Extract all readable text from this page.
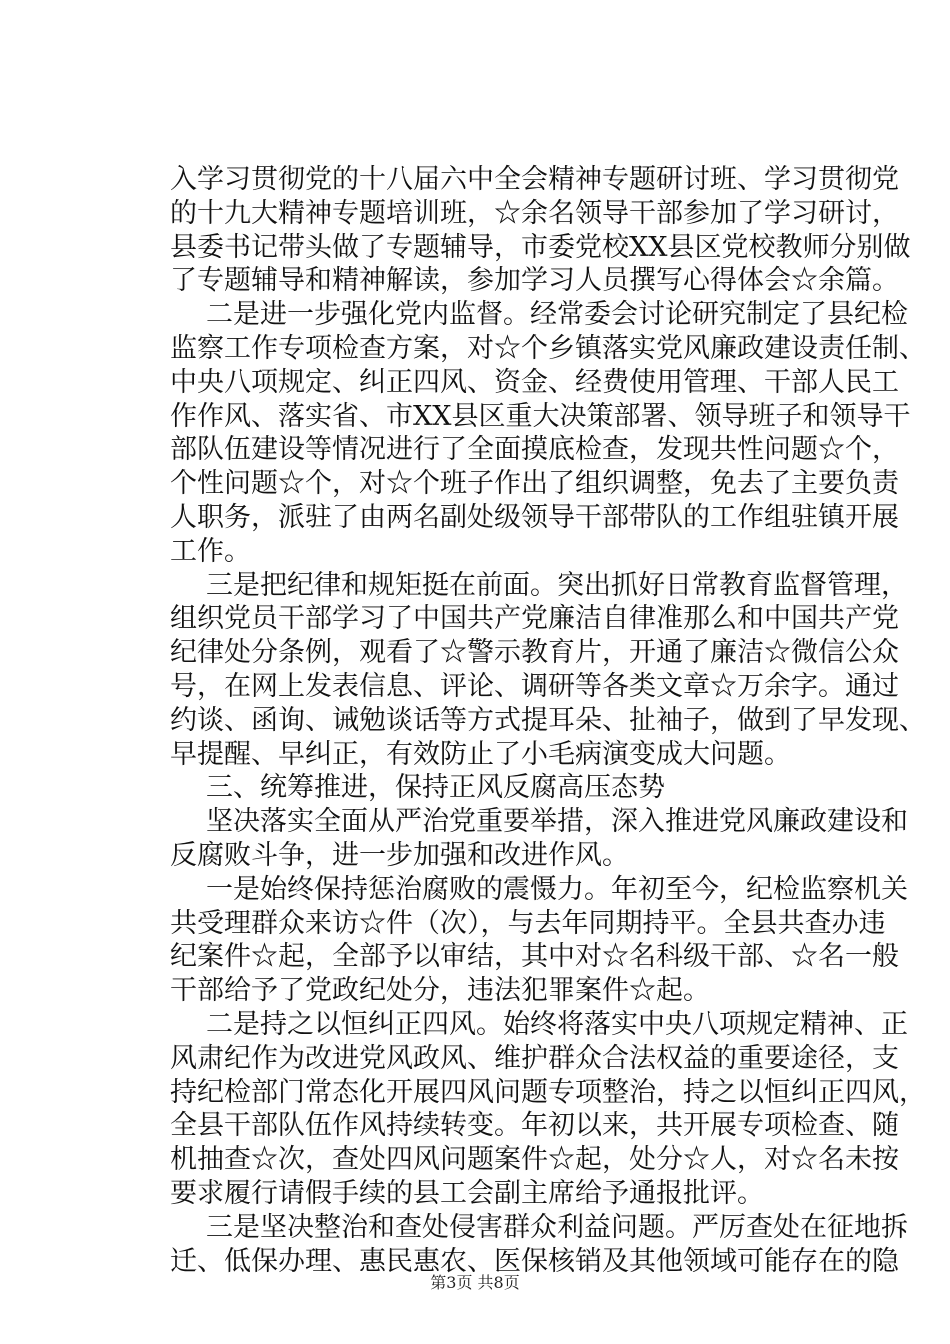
入学习贯彻党的十八届六中全会精神专题研讨班、学习贯彻党
的十九大精神专题培训班，☆余名领导干部参加了学习研讨，
县委书记带头做了专题辅导，市委党校XX县区党校教师分别做
了专题辅导和精神解读，参加学习人员撰写心得体会☆余篇。
二是进一步强化党内监督。经常委会讨论研究制定了县纪检
监察工作专项检查方案，对☆个乡镇落实党风廉政建设责任制、
中央八项规定、纠正四风、资金、经费使用管理、干部人民工
作作风、落实省、市XX县区重大决策部署、领导班子和领导干
部队伍建设等情况进行了全面摸底检查，发现共性问题☆个，
个性问题☆个，对☆个班子作出了组织调整，免去了主要负责
人职务，派驻了由两名副处级领导干部带队的工作组驻镇开展
工作。
三是把纪律和规矩挺在前面。突出抓好日常教育监督管理，
组织党员干部学习了中国共产党廉洁自律准那么和中国共产党
纪律处分条例，观看了☆警示教育片，开通了廉洁☆微信公众
号，在网上发表信息、评论、调研等各类文章☆万余字。通过
约谈、函询、诫勉谈话等方式提耳朵、扯袖子，做到了早发现、
早提醒、早纠正，有效防止了小毛病演变成大问题。
三、统筹推进，保持正风反腐高压态势
坚决落实全面从严治党重要举措，深入推进党风廉政建设和
反腐败斗争，进一步加强和改进作风。
一是始终保持惩治腐败的震慑力。年初至今，纪检监察机关
共受理群众来访☆件（次），与去年同期持平。全县共查办违
纪案件☆起，全部予以审结，其中对☆名科级干部、☆名一般
干部给予了党政纪处分，违法犯罪案件☆起。
二是持之以恒纠正四风。始终将落实中央八项规定精神、正
风肃纪作为改进党风政风、维护群众合法权益的重要途径，支
持纪检部门常态化开展四风问题专项整治，持之以恒纠正四风，
全县干部队伍作风持续转变。年初以来，共开展专项检查、随
机抽查☆次，查处四风问题案件☆起，处分☆人，对☆名未按
要求履行请假手续的县工会副主席给予通报批评。
三是坚决整治和查处侵害群众利益问题。严厉查处在征地拆
迁、低保办理、惠民惠农、医保核销及其他领域可能存在的隐
第3页 共8页
